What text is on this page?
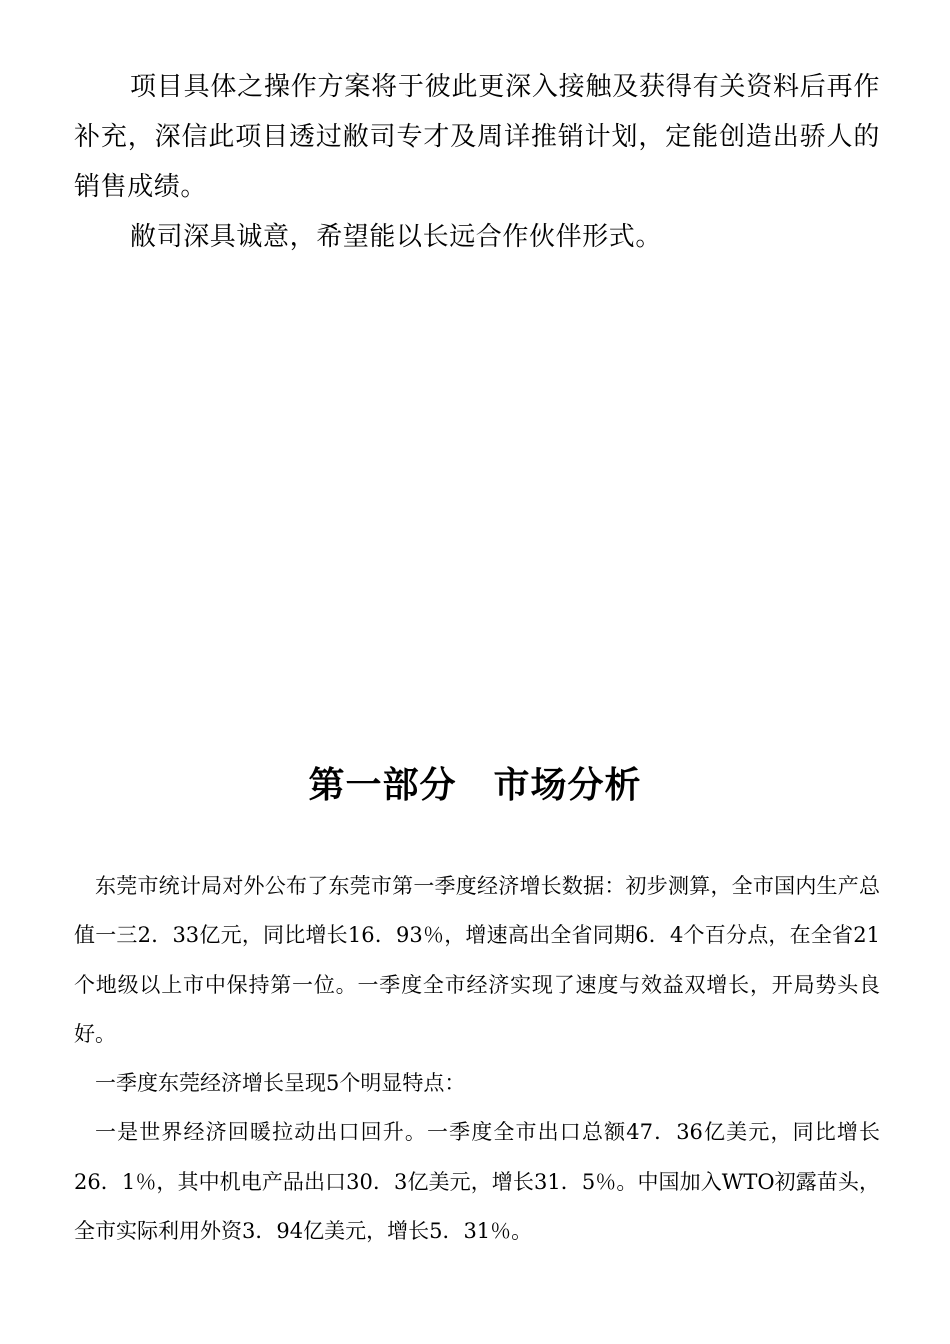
项目具体之操作方案将于彼此更深入接触及获得有关资料后再作补充，深信此项目透过敝司专才及周详推销计划，定能创造出骄人的销售成绩。

敝司深具诚意，希望能以长远合作伙伴形式。

第一部分　市场分析

东莞市统计局对外公布了东莞市第一季度经济增长数据：初步测算，全市国内生产总值一三2．33亿元，同比增长16．93％，增速高出全省同期6．4个百分点，在全省21个地级以上市中保持第一位。一季度全市经济实现了速度与效益双增长，开局势头良好。

一季度东莞经济增长呈现5个明显特点：

一是世界经济回暖拉动出口回升。一季度全市出口总额47．36亿美元，同比增长26．1％，其中机电产品出口30．3亿美元，增长31．5％。中国加入WTO初露苗头，全市实际利用外资3．94亿美元，增长5．31％。
